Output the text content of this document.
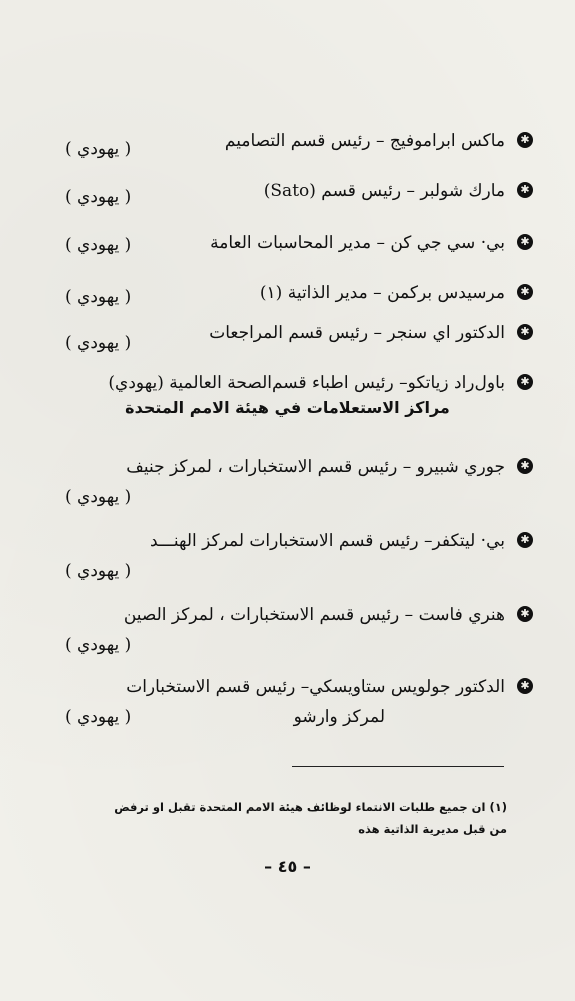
✱
ماكس ابراموفيج – رئيس قسم التصاميم
( يهودي )
✱
مارك شولبر – رئيس قسم (Sato)
( يهودي )
✱
بي· سي جي كن – مدير المحاسبات العامة
( يهودي )
✱
مرسيدس بركمن – مدير الذاتية (١)
( يهودي )
✱
الدكتور اي سنجر – رئيس قسم المراجعات
( يهودي )
✱
باول‌راد زياتكو– رئيس اطباء قسم‌الصحة العالمية (يهودي)
مراكز الاستعلامات في هيئة الامم المتحدة
✱
جوري شبيرو – رئيس قسم الاستخبارات ، لمركز جنيف
( يهودي )
✱
بي· ليتكفر– رئيس قسم الاستخبارات لمركز الهنـــد
( يهودي )
✱
هنري فاست – رئيس قسم الاستخبارات ، لمركز الصين
( يهودي )
✱
الدكتور جولويس ستاويسكي– رئيس قسم الاستخبارات
لمركز وارشو
( يهودي )
(١) ان جميع طلبات الانتماء لوظائف هيئة الامم المتحدة تقبل او ترفض
من قبل مديرية الذاتية هذه
– ٤٥ –
